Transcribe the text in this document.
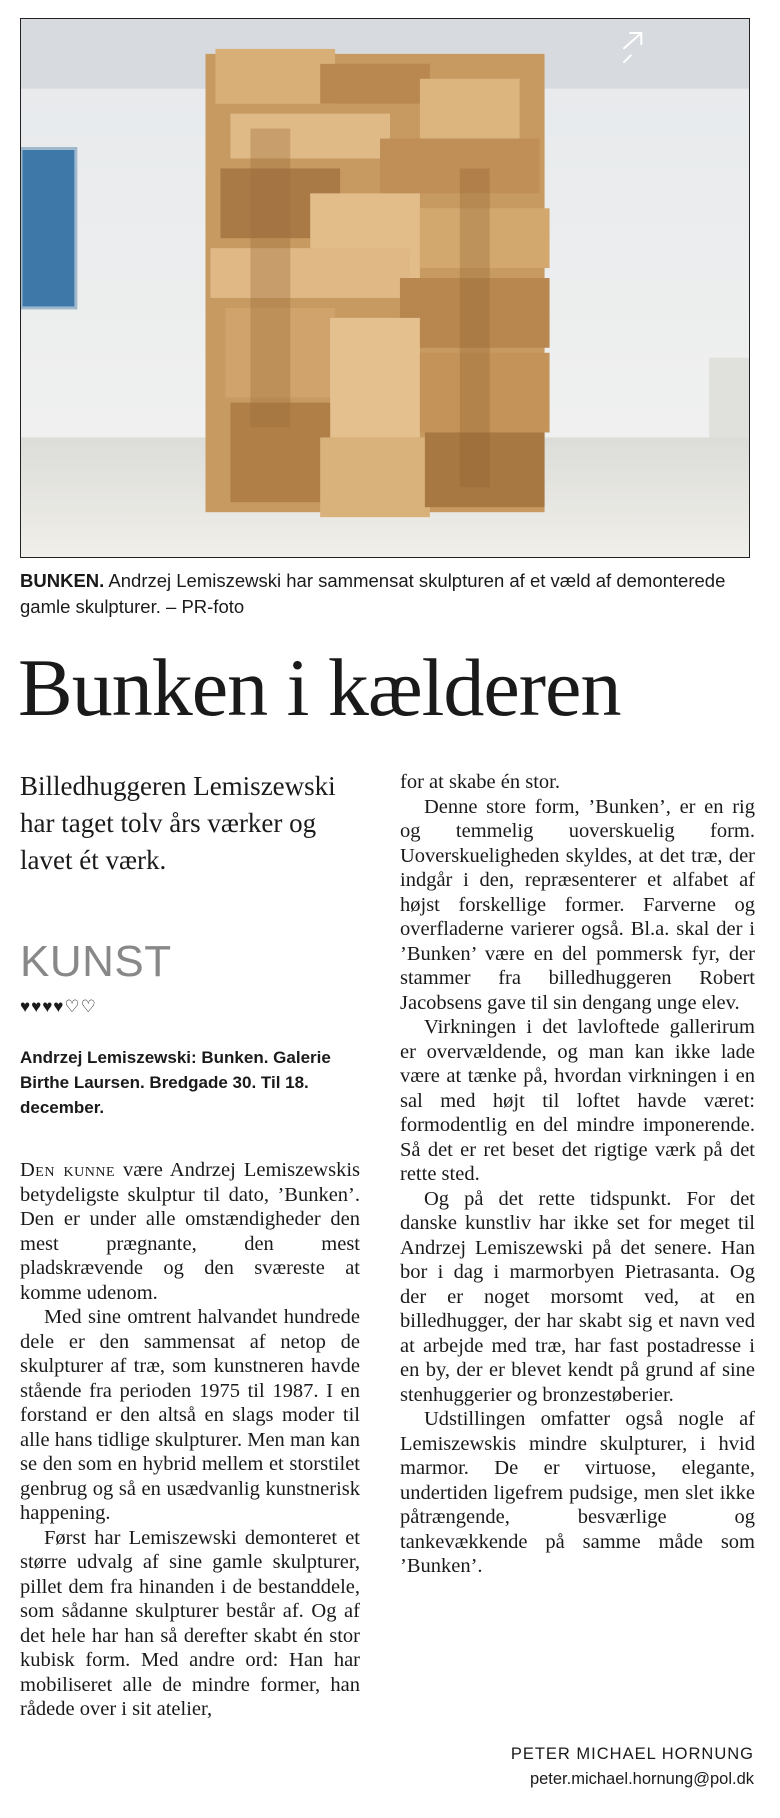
BUNKEN. Andrzej Lemiszewski har sammensat skulpturen af et væld af demonterede gamle skulpturer. – PR-foto
Bunken i kælderen

Billedhuggeren Lemiszewski har taget tolv års værker og lavet ét værk.

KUNST
♥♥♥♥♡♡
Andrzej Lemiszewski: Bunken. Galerie Birthe Laursen. Bredgade 30. Til 18. december.

Den kunne være Andrzej Lemiszewskis betydeligste skulptur til dato, ’Bunken’. Den er under alle omstændigheder den mest prægnante, den mest pladskrævende og den sværeste at komme udenom.

Med sine omtrent halvandet hundrede dele er den sammensat af netop de skulpturer af træ, som kunstneren havde stående fra perioden 1975 til 1987. I en forstand er den altså en slags moder til alle hans tidlige skulpturer. Men man kan se den som en hybrid mellem et storstilet genbrug og så en usædvanlig kunstnerisk happening.

Først har Lemiszewski demonteret et større udvalg af sine gamle skulpturer, pillet dem fra hinanden i de bestanddele, som sådanne skulpturer består af. Og af det hele har han så derefter skabt én stor kubisk form. Med andre ord: Han har mobiliseret alle de mindre former, han rådede over i sit atelier,

for at skabe én stor.

Denne store form, ’Bunken’, er en rig og temmelig uoverskuelig form. Uoverskueligheden skyldes, at det træ, der indgår i den, repræsenterer et alfabet af højst forskellige former. Farverne og overfladerne varierer også. Bl.a. skal der i ’Bunken’ være en del pommersk fyr, der stammer fra billedhuggeren Robert Jacobsens gave til sin dengang unge elev.

Virkningen i det lavloftede gallerirum er overvældende, og man kan ikke lade være at tænke på, hvordan virkningen i en sal med højt til loftet havde været: formodentlig en del mindre imponerende. Så det er ret beset det rigtige værk på det rette sted.

Og på det rette tidspunkt. For det danske kunstliv har ikke set for meget til Andrzej Lemiszewski på det senere. Han bor i dag i marmorbyen Pietrasanta. Og der er noget morsomt ved, at en billedhugger, der har skabt sig et navn ved at arbejde med træ, har fast postadresse i en by, der er blevet kendt på grund af sine stenhuggerier og bronzestøberier.

Udstillingen omfatter også nogle af Lemiszewskis mindre skulpturer, i hvid marmor. De er virtuose, elegante, undertiden ligefrem pudsige, men slet ikke påtrængende, besværlige og tankevækkende på samme måde som ’Bunken’.

PETER MICHAEL HORNUNG
peter.michael.hornung@pol.dk
